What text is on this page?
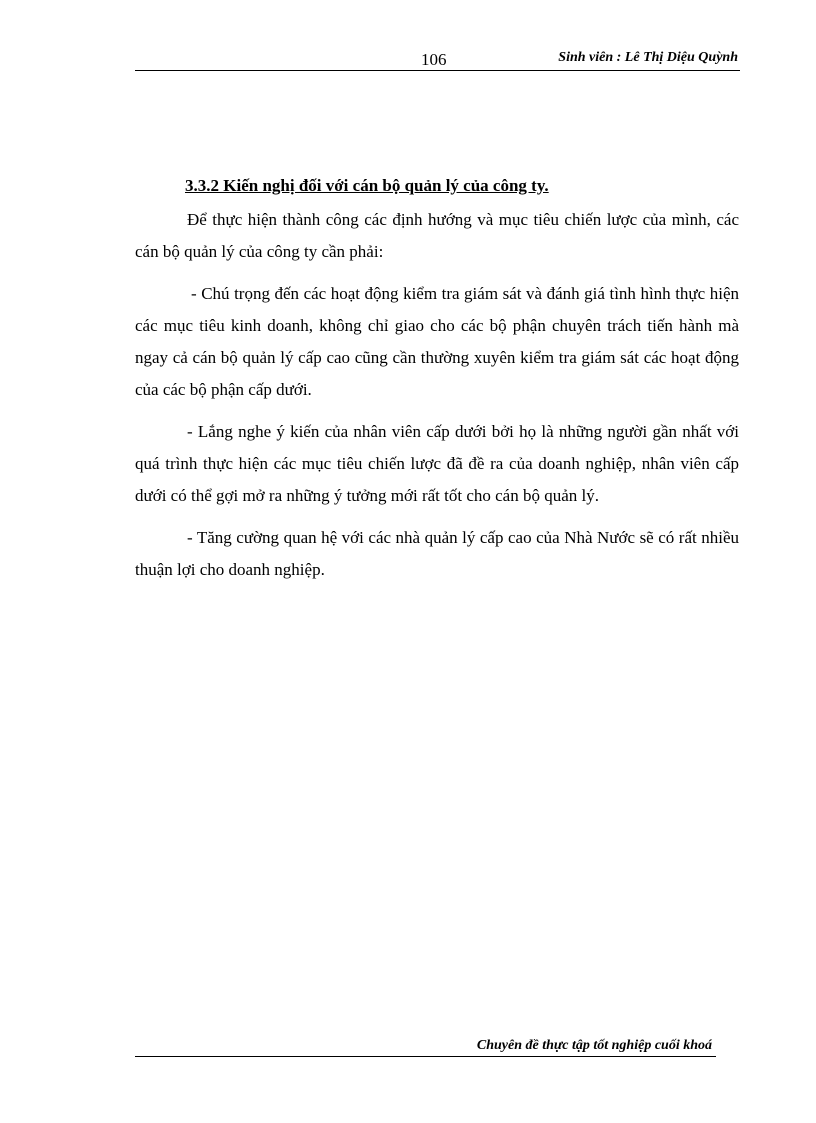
106	Sinh viên : Lê Thị Diệu Quỳnh
3.3.2 Kiến nghị đối với cán bộ quản lý của công ty.

Để thực hiện thành công các định hướng và mục tiêu chiến lược của mình, các cán bộ quản lý của công ty cần phải:

- Chú trọng đến các hoạt động kiểm tra giám sát và đánh giá tình hình thực hiện các mục tiêu kinh doanh, không chỉ giao cho các bộ phận chuyên trách tiến hành mà ngay cả cán bộ quản lý cấp cao cũng cần thường xuyên kiểm tra giám sát các hoạt động của các bộ phận cấp dưới.

- Lắng nghe ý kiến của nhân viên cấp dưới bởi họ là những người gần nhất với quá trình thực hiện các mục tiêu chiến lược đã đề ra của doanh nghiệp, nhân viên cấp dưới có thể gợi mở ra những ý tưởng mới rất tốt cho cán bộ quản lý.

- Tăng cường quan hệ với các nhà quản lý cấp cao của Nhà Nước sẽ có rất nhiều thuận lợi cho doanh nghiệp.

Chuyên đề thực tập tốt nghiệp cuối khoá
